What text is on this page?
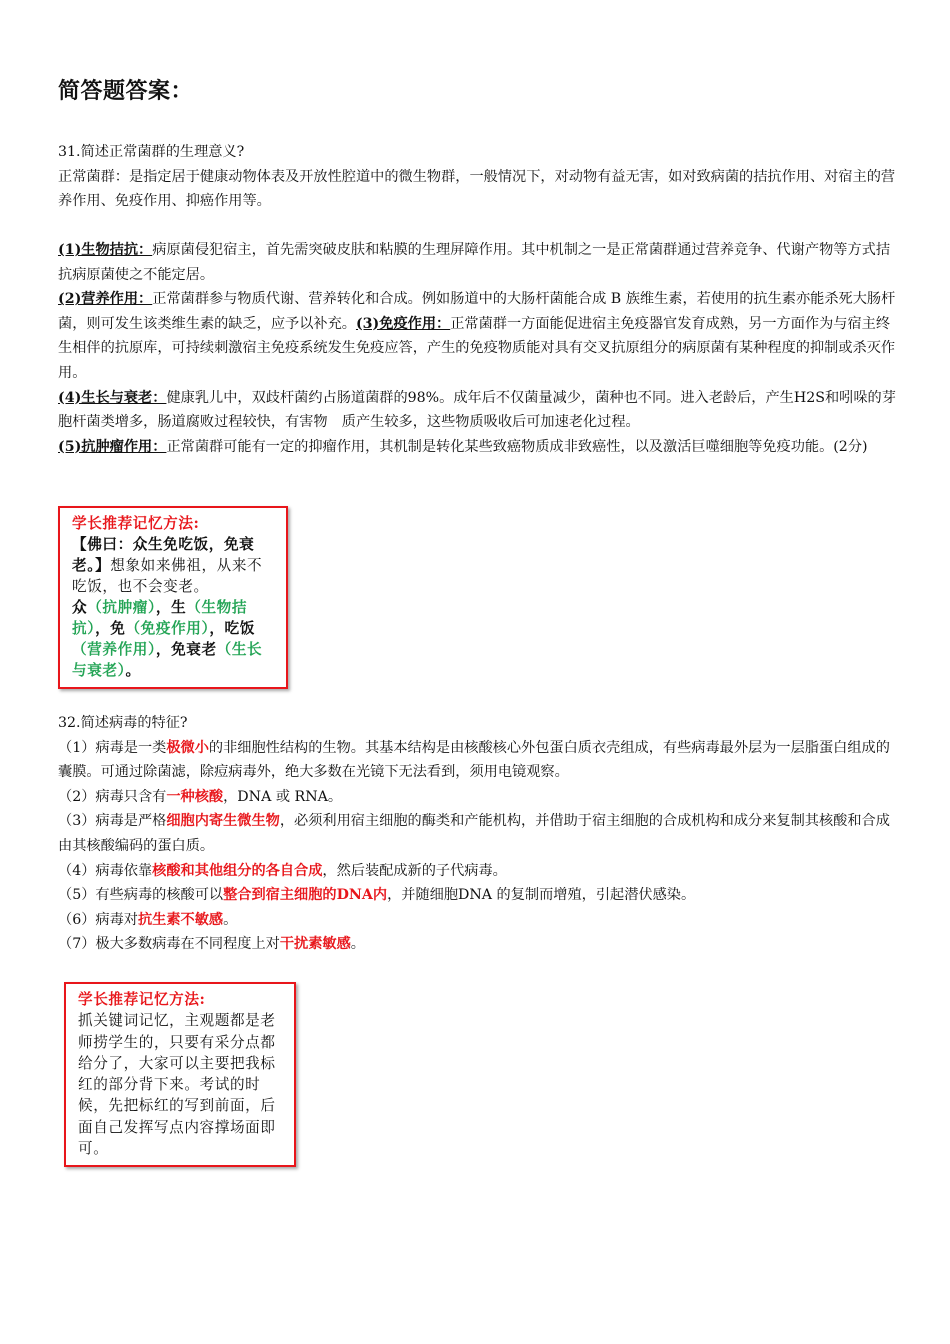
简答题答案：

31.简述正常菌群的生理意义?

正常菌群：是指定居于健康动物体表及开放性腔道中的微生物群，一般情况下，对动物有益无害，如对致病菌的拮抗作用、对宿主的营养作用、免疫作用、抑癌作用等。

(1)生物拮抗：病原菌侵犯宿主，首先需突破皮肤和粘膜的生理屏障作用。其中机制之一是正常菌群通过营养竞争、代谢产物等方式拮抗病原菌使之不能定居。

(2)营养作用：正常菌群参与物质代谢、营养转化和合成。例如肠道中的大肠杆菌能合成 B 族维生素，若使用的抗生素亦能杀死大肠杆菌，则可发生该类维生素的缺乏，应予以补充。(3)免疫作用：正常菌群一方面能促进宿主免疫器官发育成熟，另一方面作为与宿主终生相伴的抗原库，可持续刺激宿主免疫系统发生免疫应答，产生的免疫物质能对具有交叉抗原组分的病原菌有某种程度的抑制或杀灭作用。

(4)生长与衰老：健康乳儿中，双歧杆菌约占肠道菌群的98%。成年后不仅菌量减少，菌种也不同。进入老龄后，产生H2S和吲哚的芽胞杆菌类增多，肠道腐败过程较快，有害物　质产生较多，这些物质吸收后可加速老化过程。

(5)抗肿瘤作用：正常菌群可能有一定的抑瘤作用，其机制是转化某些致癌物质成非致癌性，以及激活巨噬细胞等免疫功能。(2分)

学长推荐记忆方法:
【佛曰：众生免吃饭，免衰老。】想象如来佛祖，从来不吃饭，也不会变老。
众（抗肿瘤），生（生物拮抗），免（免疫作用），吃饭（营养作用），免衰老（生长与衰老）。

32.简述病毒的特征?

（1）病毒是一类极微小的非细胞性结构的生物。其基本结构是由核酸核心外包蛋白质衣壳组成，有些病毒最外层为一层脂蛋白组成的囊膜。可通过除菌滤，除痘病毒外，绝大多数在光镜下无法看到，须用电镜观察。

（2）病毒只含有一种核酸，DNA 或 RNA。

（3）病毒是严格细胞内寄生微生物，必须利用宿主细胞的酶类和产能机构，并借助于宿主细胞的合成机构和成分来复制其核酸和合成由其核酸编码的蛋白质。

（4）病毒依靠核酸和其他组分的各自合成，然后装配成新的子代病毒。

（5）有些病毒的核酸可以整合到宿主细胞的DNA内，并随细胞DNA 的复制而增殖，引起潜伏感染。

（6）病毒对抗生素不敏感。

（7）极大多数病毒在不同程度上对干扰素敏感。

学长推荐记忆方法:
抓关键词记忆，主观题都是老师捞学生的，只要有采分点都给分了，大家可以主要把我标红的部分背下来。考试的时候，先把标红的写到前面，后面自己发挥写点内容撑场面即可。
